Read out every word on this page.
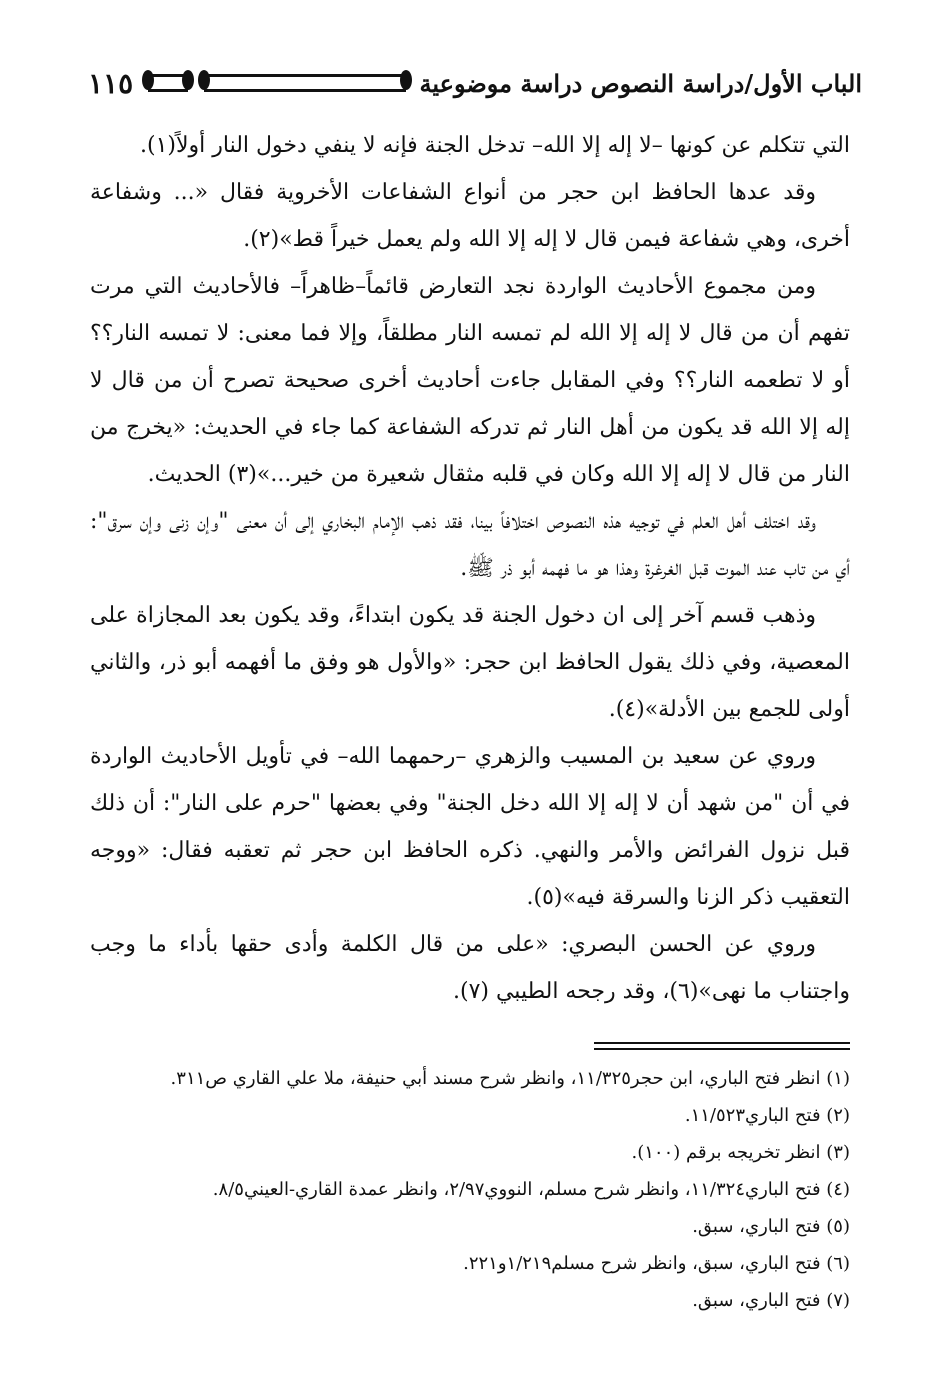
١١٥	الباب الأول/دراسة النصوص دراسة موضوعية

التي تتكلم عن كونها –لا إله إلا الله– تدخل الجنة فإنه لا ينفي دخول النار أولاً(١).

وقد عدها الحافظ ابن حجر من أنواع الشفاعات الأخروية فقال «... وشفاعة أخرى، وهي شفاعة فيمن قال لا إله إلا الله ولم يعمل خيراً قط»(٢).

ومن مجموع الأحاديث الواردة نجد التعارض قائماً–ظاهراً– فالأحاديث التي مرت تفهم أن من قال لا إله إلا الله لم تمسه النار مطلقاً، وإلا فما معنى: لا تمسه النار؟؟ أو لا تطعمه النار؟؟ وفي المقابل جاءت أحاديث أخرى صحيحة تصرح أن من قال لا إله إلا الله قد يكون من أهل النار ثم تدركه الشفاعة كما جاء في الحديث: «يخرج من النار من قال لا إله إلا الله وكان في قلبه مثقال شعيرة من خير...»(٣) الحديث.

وقد اختلف أهل العلم في توجيه هذه النصوص اختلافاً بينا، فقد ذهب الإمام البخاري إلى أن معنى "وإن زنى وإن سرق": أي من تاب عند الموت قبل الغرغرة وهذا هو ما فهمه أبو ذر ﷺ.

وذهب قسم آخر إلى ان دخول الجنة قد يكون ابتداءً، وقد يكون بعد المجازاة على المعصية، وفي ذلك يقول الحافظ ابن حجر: «والأول هو وفق ما أفهمه أبو ذر، والثاني أولى للجمع بين الأدلة»(٤).

وروي عن سعيد بن المسيب والزهري –رحمهما الله– في تأويل الأحاديث الواردة في أن "من شهد أن لا إله إلا الله دخل الجنة" وفي بعضها "حرم على النار": أن ذلك قبل نزول الفرائض والأمر والنهي. ذكره الحافظ ابن حجر ثم تعقبه فقال: «ووجه التعقيب ذكر الزنا والسرقة فيه»(٥).

وروي عن الحسن البصري: «على من قال الكلمة وأدى حقها بأداء ما وجب واجتناب ما نهى»(٦)، وقد رجحه الطيبي (٧).

(١) انظر فتح الباري، ابن حجر١١/٣٢٥، وانظر شرح مسند أبي حنيفة، ملا علي القاري ص٣١١.
(٢) فتح الباري١١/٥٢٣.
(٣) انظر تخريجه برقم (١٠٠).
(٤) فتح الباري١١/٣٢٤، وانظر شرح مسلم، النووي٢/٩٧، وانظر عمدة القاري-العيني٨/٥.
(٥) فتح الباري، سبق.
(٦) فتح الباري، سبق، وانظر شرح مسلم١/٢١٩و٢٢١.
(٧) فتح الباري، سبق.
